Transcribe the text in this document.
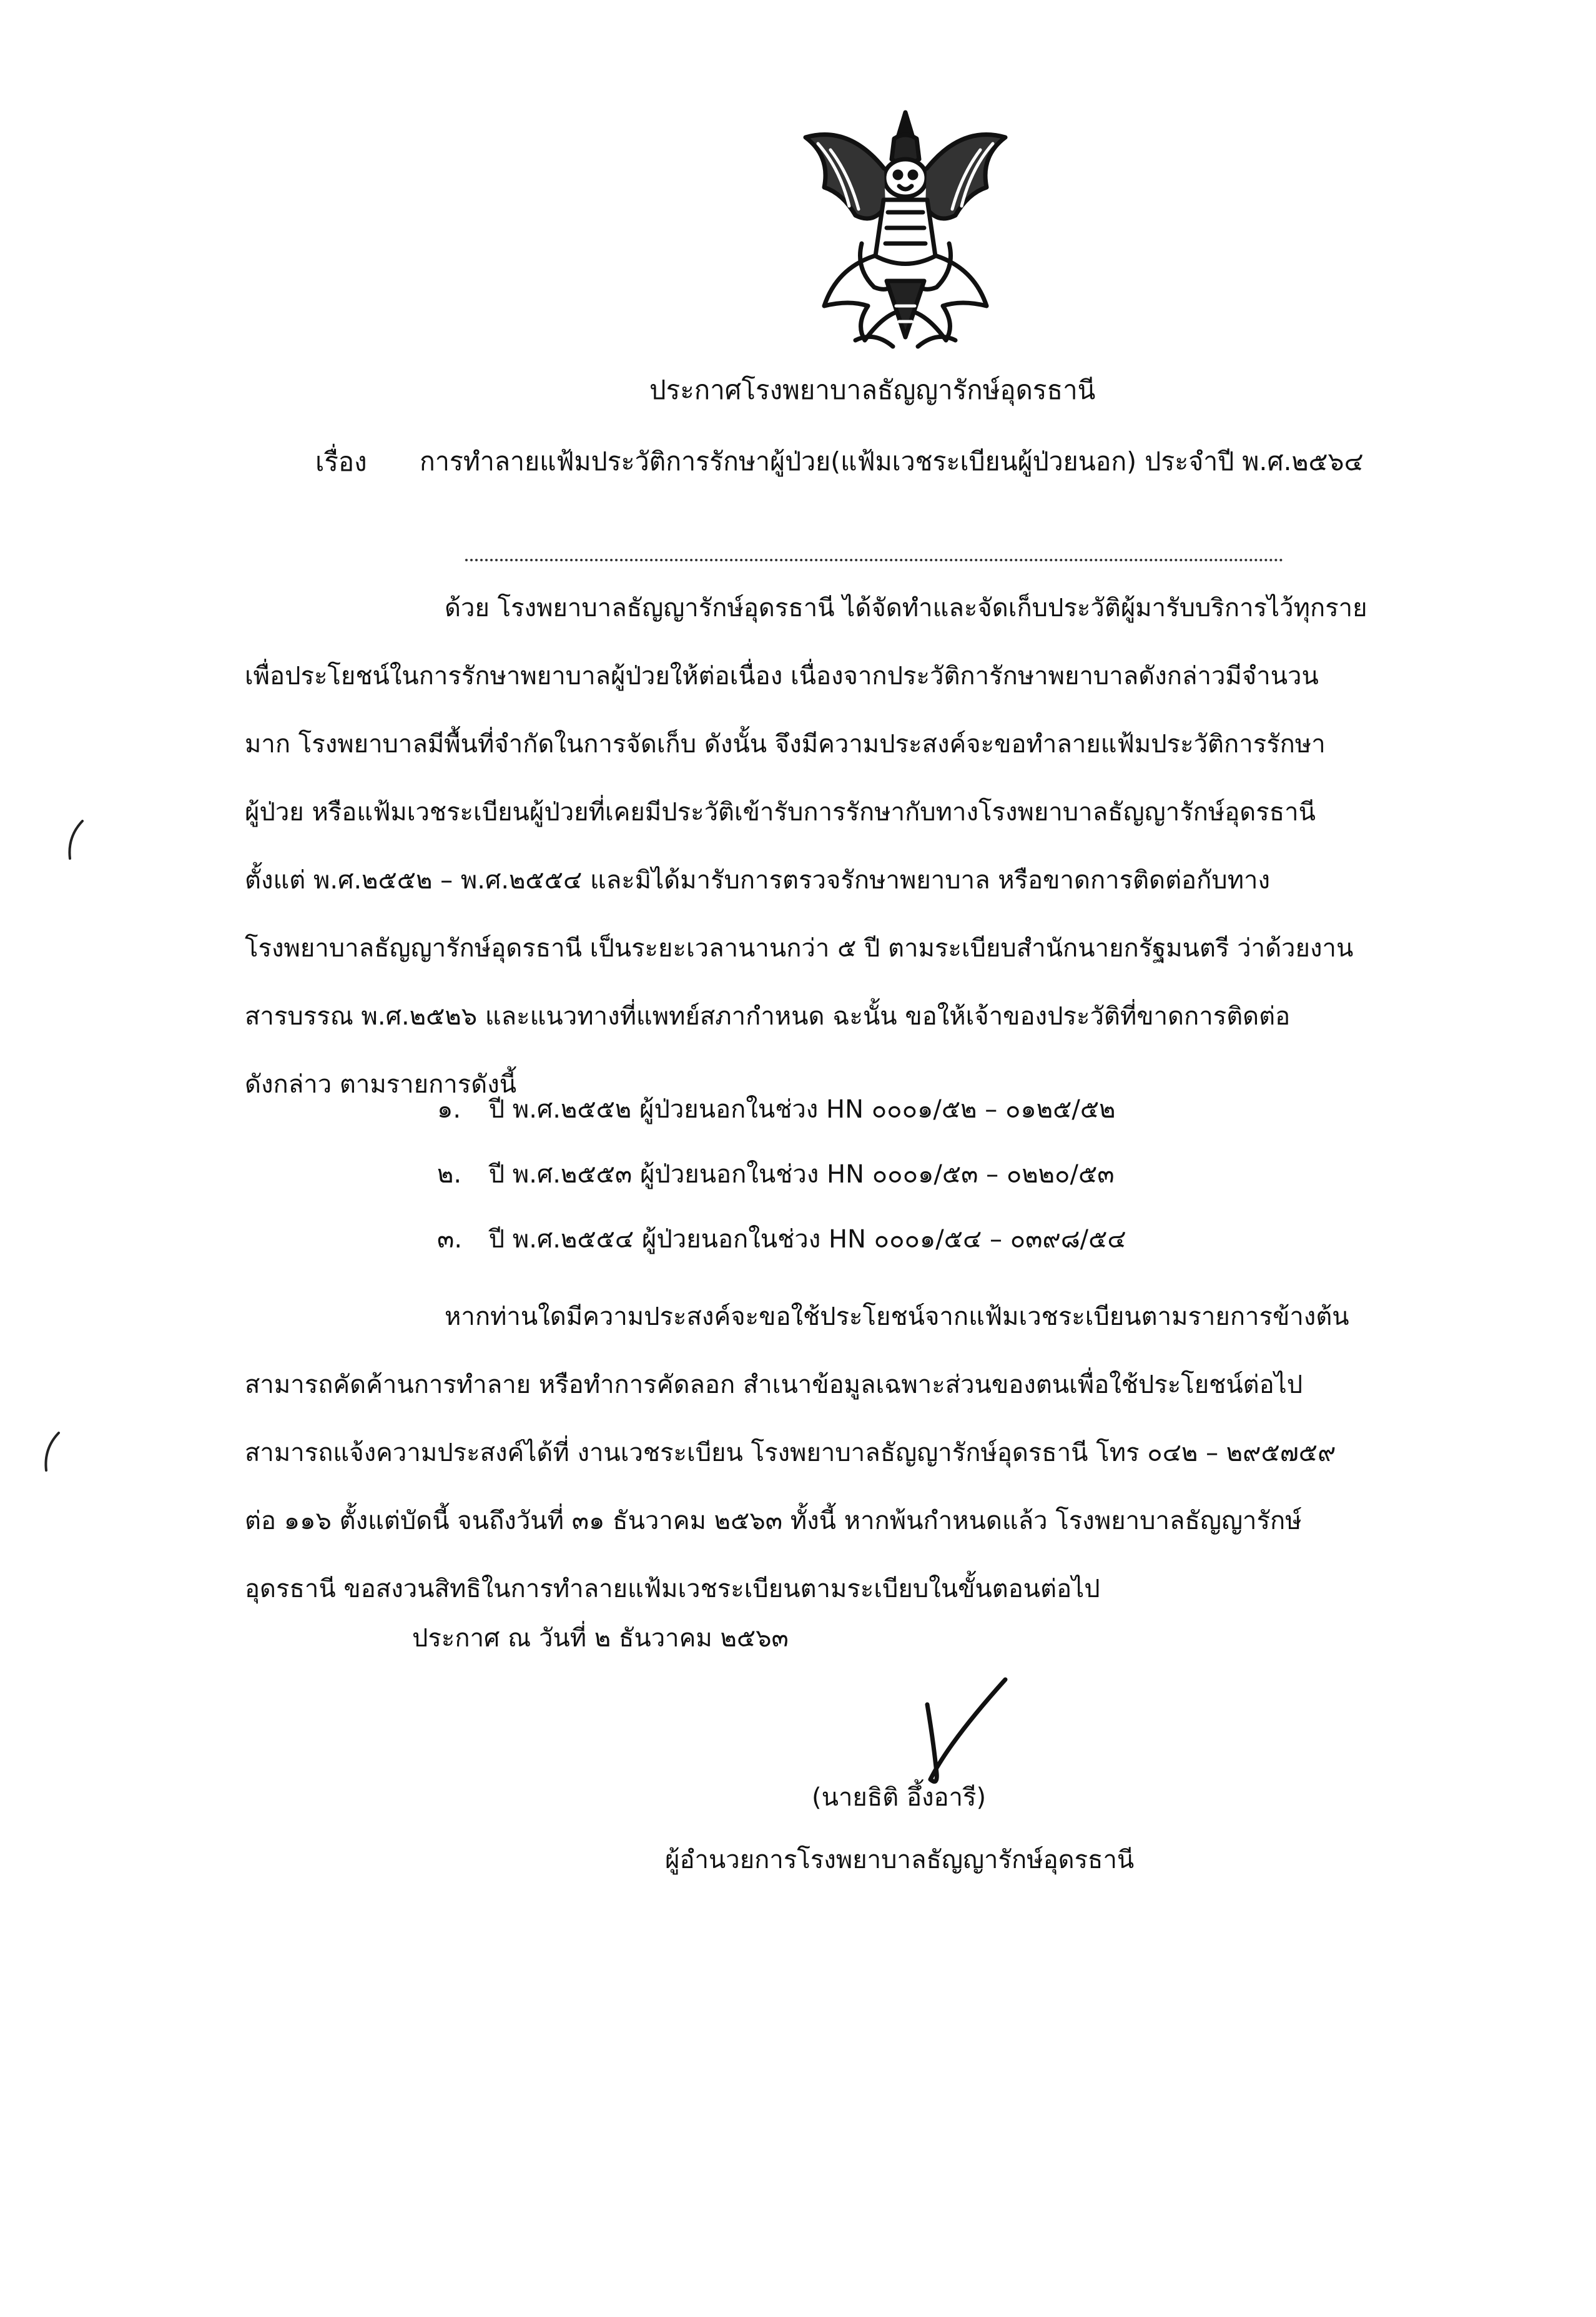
ประกาศโรงพยาบาลธัญญารักษ์อุดรธานี
เรื่อง การทำลายแฟ้มประวัติการรักษาผู้ป่วย(แฟ้มเวชระเบียนผู้ป่วยนอก) ประจำปี พ.ศ.๒๕๖๔
ด้วย โรงพยาบาลธัญญารักษ์อุดรธานี ได้จัดทำและจัดเก็บประวัติผู้มารับบริการไว้ทุกราย
เพื่อประโยชน์ในการรักษาพยาบาลผู้ป่วยให้ต่อเนื่อง เนื่องจากประวัติการักษาพยาบาลดังกล่าวมีจำนวน
มาก โรงพยาบาลมีพื้นที่จำกัดในการจัดเก็บ ดังนั้น จึงมีความประสงค์จะขอทำลายแฟ้มประวัติการรักษา
ผู้ป่วย หรือแฟ้มเวชระเบียนผู้ป่วยที่เคยมีประวัติเข้ารับการรักษากับทางโรงพยาบาลธัญญารักษ์อุดรธานี
ตั้งแต่ พ.ศ.๒๕๕๒ – พ.ศ.๒๕๕๔ และมิได้มารับการตรวจรักษาพยาบาล หรือขาดการติดต่อกับทาง
โรงพยาบาลธัญญารักษ์อุดรธานี เป็นระยะเวลานานกว่า ๕ ปี ตามระเบียบสำนักนายกรัฐมนตรี ว่าด้วยงาน
สารบรรณ พ.ศ.๒๕๒๖ และแนวทางที่แพทย์สภากำหนด ฉะนั้น ขอให้เจ้าของประวัติที่ขาดการติดต่อ
ดังกล่าว ตามรายการดังนี้
๑. ปี พ.ศ.๒๕๕๒ ผู้ป่วยนอกในช่วง HN ๐๐๐๑/๕๒ – ๐๑๒๕/๕๒
๒. ปี พ.ศ.๒๕๕๓ ผู้ป่วยนอกในช่วง HN ๐๐๐๑/๕๓ – ๐๒๒๐/๕๓
๓. ปี พ.ศ.๒๕๕๔ ผู้ป่วยนอกในช่วง HN ๐๐๐๑/๕๔ – ๐๓๙๘/๕๔
หากท่านใดมีความประสงค์จะขอใช้ประโยชน์จากแฟ้มเวชระเบียนตามรายการข้างต้น
สามารถคัดค้านการทำลาย หรือทำการคัดลอก สำเนาข้อมูลเฉพาะส่วนของตนเพื่อใช้ประโยชน์ต่อไป
สามารถแจ้งความประสงค์ได้ที่ งานเวชระเบียน โรงพยาบาลธัญญารักษ์อุดรธานี โทร ๐๔๒ – ๒๙๕๗๕๙
ต่อ ๑๑๖ ตั้งแต่บัดนี้ จนถึงวันที่ ๓๑ ธันวาคม ๒๕๖๓ ทั้งนี้ หากพ้นกำหนดแล้ว โรงพยาบาลธัญญารักษ์
อุดรธานี ขอสงวนสิทธิในการทำลายแฟ้มเวชระเบียนตามระเบียบในขั้นตอนต่อไป
ประกาศ ณ วันที่ ๒ ธันวาคม ๒๕๖๓
(นายธิติ อึ้งอารี)
ผู้อำนวยการโรงพยาบาลธัญญารักษ์อุดรธานี
